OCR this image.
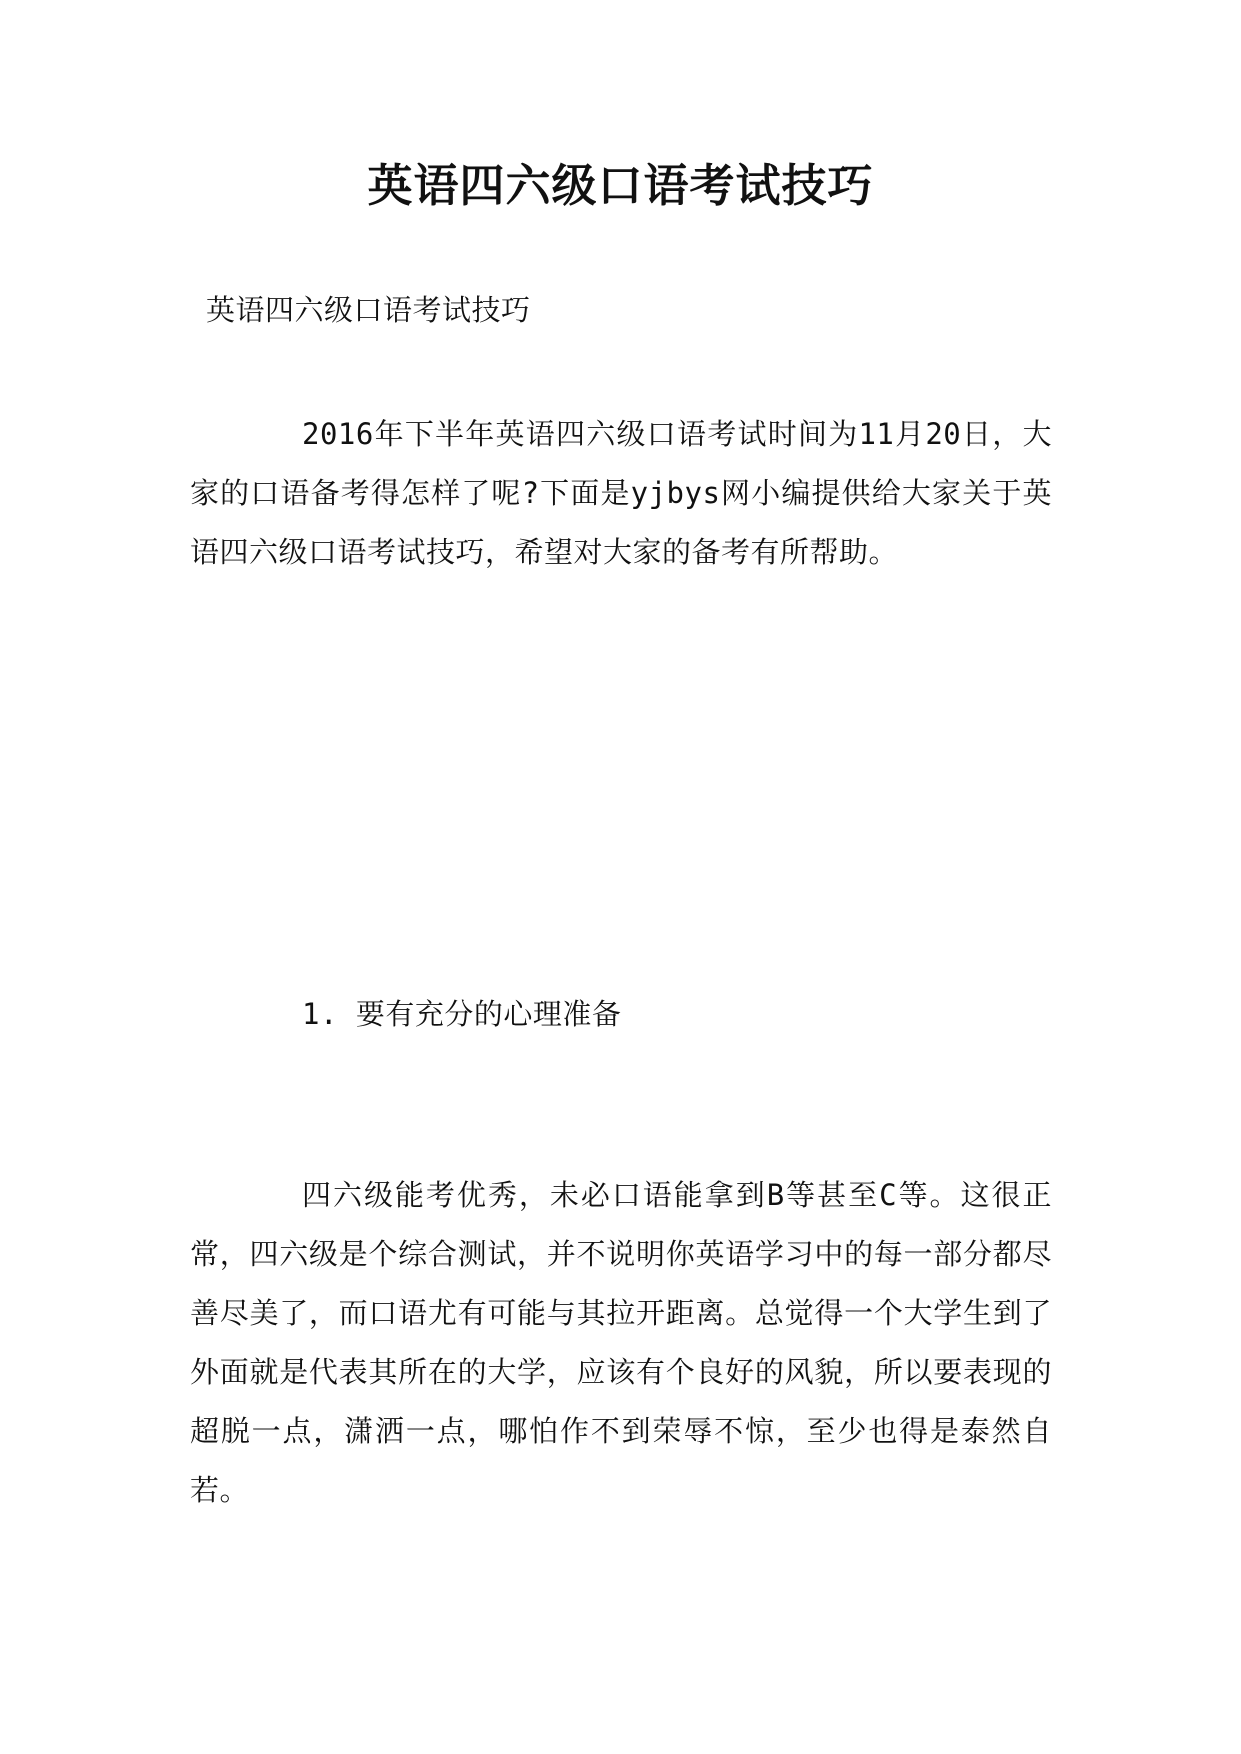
英语四六级口语考试技巧

英语四六级口语考试技巧

2016年下半年英语四六级口语考试时间为11月20日，大家的口语备考得怎样了呢?下面是yjbys网小编提供给大家关于英语四六级口语考试技巧，希望对大家的备考有所帮助。

1. 要有充分的心理准备

四六级能考优秀，未必口语能拿到B等甚至C等。这很正常，四六级是个综合测试，并不说明你英语学习中的每一部分都尽善尽美了，而口语尤有可能与其拉开距离。总觉得一个大学生到了外面就是代表其所在的大学，应该有个良好的风貌，所以要表现的超脱一点，潇洒一点，哪怕作不到荣辱不惊，至少也得是泰然自若。
